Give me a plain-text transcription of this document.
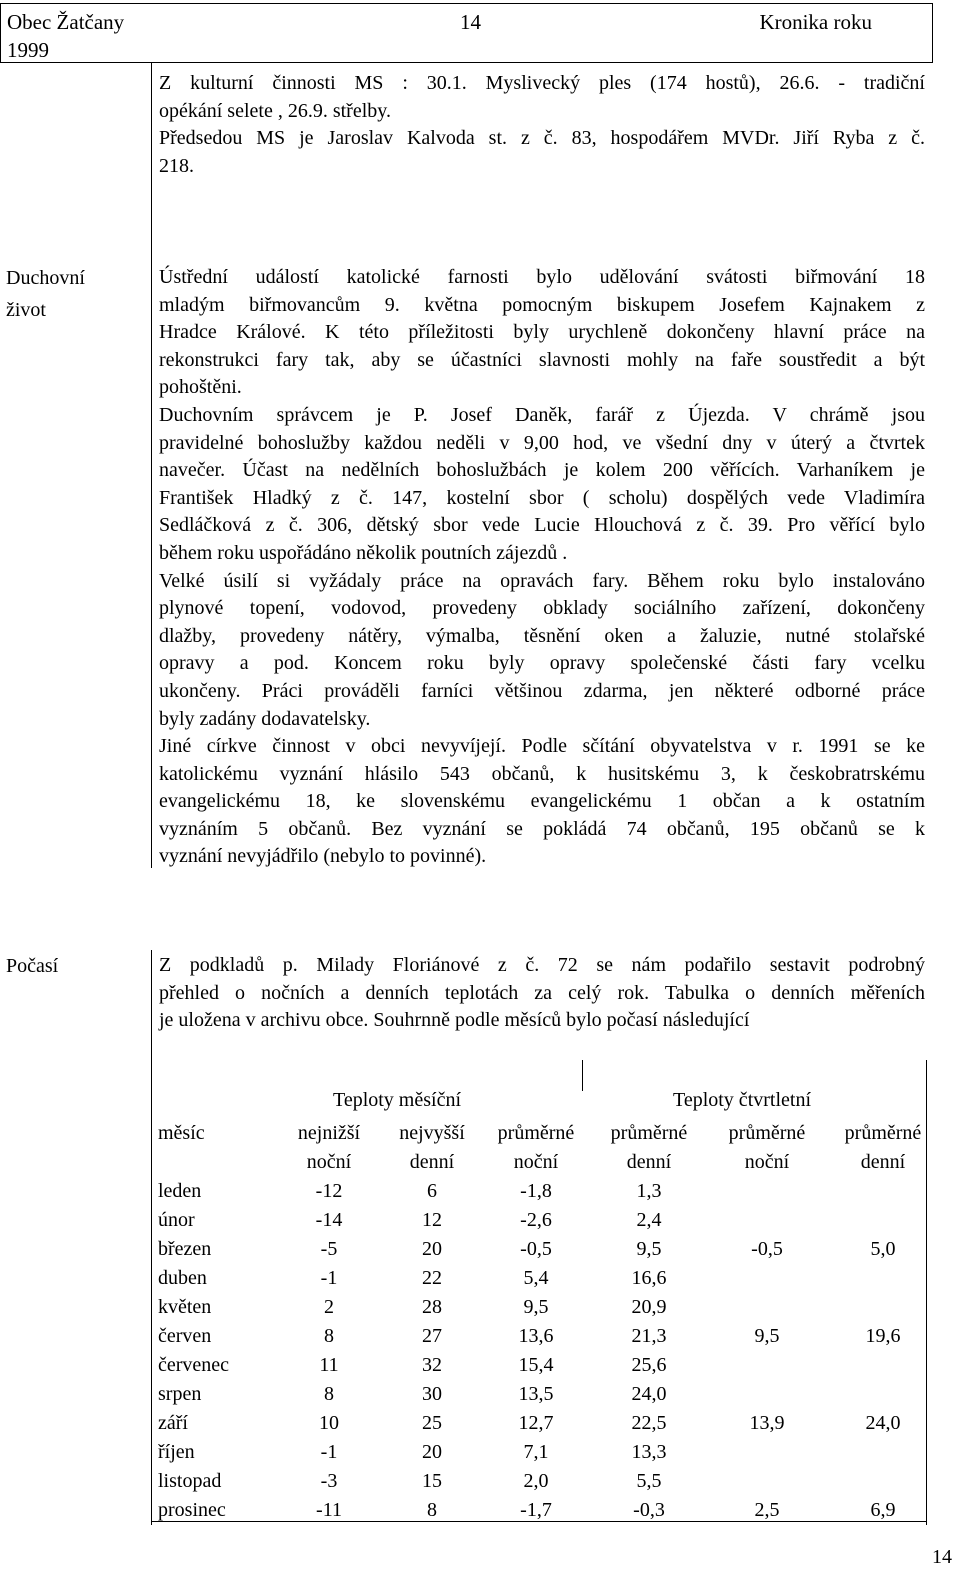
Obec Žatčany	14	Kronika roku
1999
Z kulturní činnosti MS : 30.1. Myslivecký ples (174 hostů), 26.6. - tradiční
opékání selete , 26.9. střelby.
Předsedou MS je Jaroslav Kalvoda st. z č. 83, hospodářem MVDr. Jiří Ryba z č.
218.
Duchovní
život
Ústřední událostí katolické farnosti bylo udělování svátosti biřmování 18
mladým biřmovancům 9. května pomocným biskupem Josefem Kajnakem z
Hradce Králové. K této příležitosti byly urychleně dokončeny hlavní práce na
rekonstrukci fary tak, aby se účastníci slavnosti mohly na faře soustředit a být
pohoštěni.
Duchovním správcem je P. Josef Daněk, farář z Újezda. V chrámě jsou
pravidelné bohoslužby každou neděli v 9,00 hod, ve všední dny v úterý a čtvrtek
navečer. Účast na nedělních bohoslužbách je kolem 200 věřících. Varhaníkem je
František Hladký z č. 147, kostelní sbor ( scholu) dospělých vede Vladimíra
Sedláčková z č. 306, dětský sbor vede Lucie Hlouchová z č. 39. Pro věřící bylo
během roku uspořádáno několik poutních zájezdů .
Velké úsilí si vyžádaly práce na opravách fary. Během roku bylo instalováno
plynové topení, vodovod, provedeny obklady sociálního zařízení, dokončeny
dlažby, provedeny nátěry, výmalba, těsnění oken a žaluzie, nutné stolařské
opravy a pod. Koncem roku byly opravy společenské části fary vcelku
ukončeny. Práci prováděli farníci většinou zdarma, jen některé odborné práce
byly zadány dodavatelsky.
Jiné církve činnost v obci nevyvíjejí. Podle sčítání obyvatelstva v r. 1991 se ke
katolickému vyznání hlásilo 543 občanů, k husitskému 3, k českobratrskému
evangelickému 18, ke slovenskému evangelickému 1 občan a k ostatním
vyznáním 5 občanů. Bez vyznání se pokládá 74 občanů, 195 občanů se k
vyznání nevyjádřilo (nebylo to povinné).
Počasí	Z podkladů p. Milady Floriánové z č. 72 se nám podařilo sestavit podrobný
přehled o nočních a denních teplotách za celý rok. Tabulka o denních měřeních
je uložena v archivu obce. Souhrnně podle měsíců bylo počasí následující
Teploty měsíční	Teploty čtvrtletní
měsíc	nejnižší	nejvyšší	průměrné	průměrné	průměrné	průměrné
	noční	denní	noční	denní	noční	denní
leden	-12	6	-1,8	1,3		
únor	-14	12	-2,6	2,4		
březen	-5	20	-0,5	9,5	-0,5	5,0
duben	-1	22	5,4	16,6		
květen	2	28	9,5	20,9		
červen	8	27	13,6	21,3	9,5	19,6
červenec	11	32	15,4	25,6		
srpen	8	30	13,5	24,0		
září	10	25	12,7	22,5	13,9	24,0
říjen	-1	20	7,1	13,3		
listopad	-3	15	2,0	5,5		
prosinec	-11	8	-1,7	-0,3	2,5	6,9
14
